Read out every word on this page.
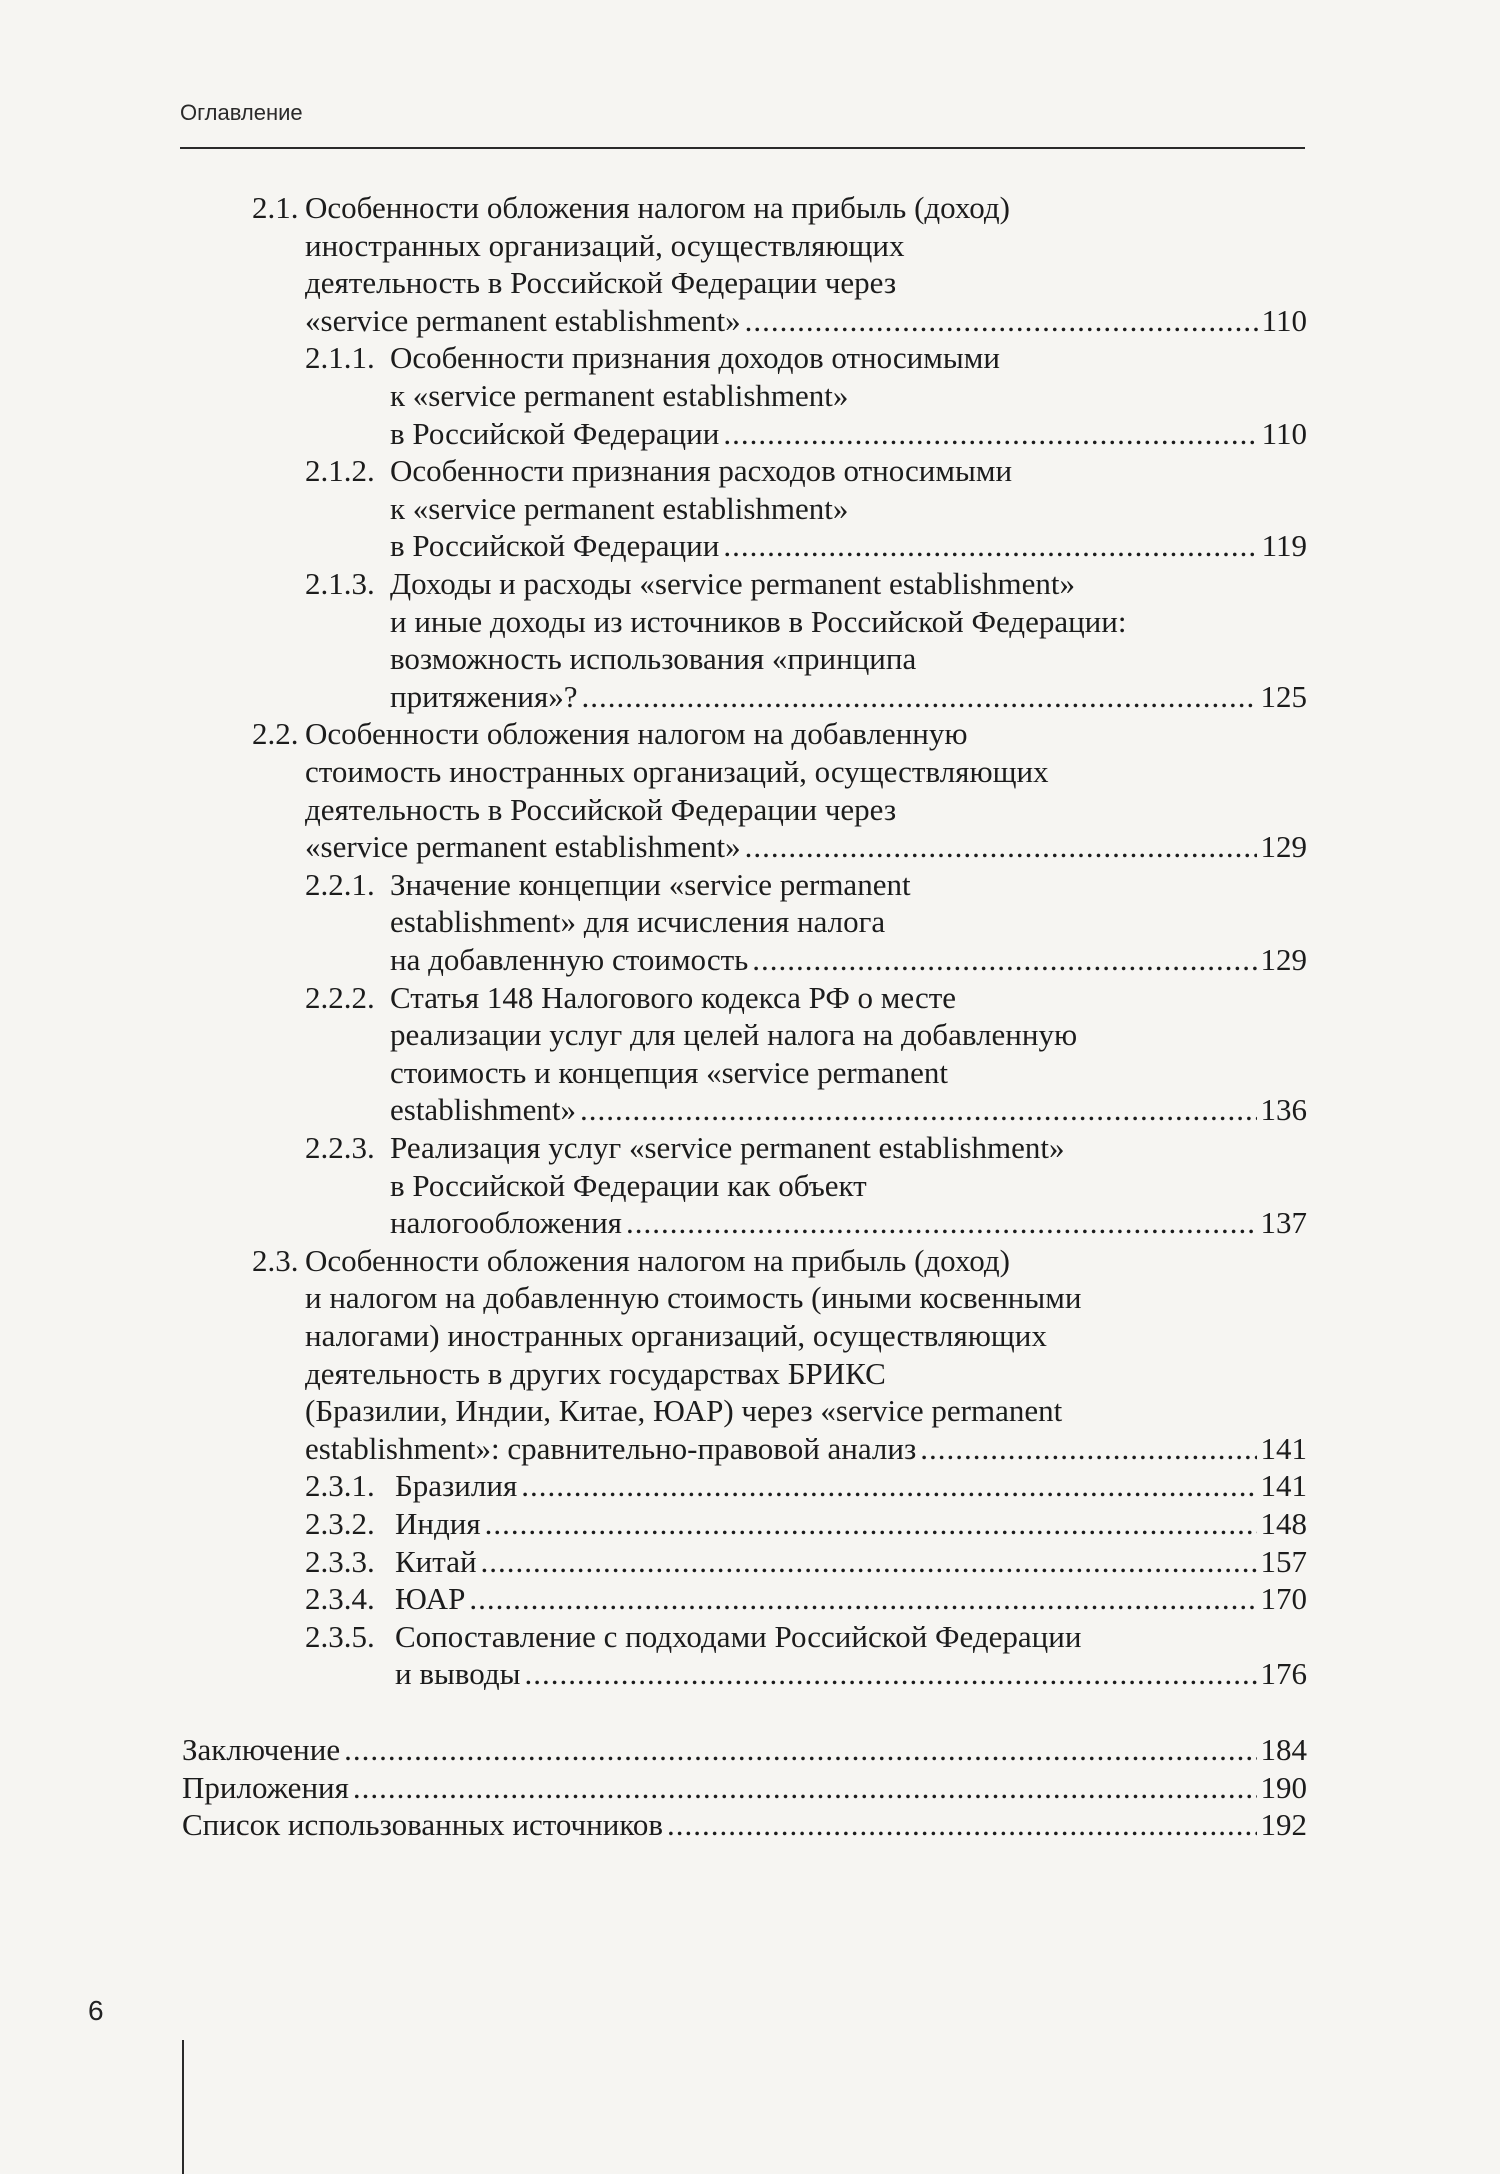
Оглавление
2.1. Особенности обложения налогом на прибыль (доход)
иностранных организаций, осуществляющих
деятельность в Российской Федерации через
«service permanent establishment» .....	110
2.1.1. Особенности признания доходов относимыми
к «service permanent establishment»
в Российской Федерации .....	110
2.1.2. Особенности признания расходов относимыми
к «service permanent establishment»
в Российской Федерации .....	119
2.1.3. Доходы и расходы «service permanent establishment»
и иные доходы из источников в Российской Федерации:
возможность использования «принципа
притяжения»? .....	125
2.2. Особенности обложения налогом на добавленную
стоимость иностранных организаций, осуществляющих
деятельность в Российской Федерации через
«service permanent establishment» .....	129
2.2.1. Значение концепции «service permanent
establishment» для исчисления налога
на добавленную стоимость .....	129
2.2.2. Статья 148 Налогового кодекса РФ о месте
реализации услуг для целей налога на добавленную
стоимость и концепция «service permanent
establishment» .....	136
2.2.3. Реализация услуг «service permanent establishment»
в Российской Федерации как объект
налогообложения .....	137
2.3. Особенности обложения налогом на прибыль (доход)
и налогом на добавленную стоимость (иными косвенными
налогами) иностранных организаций, осуществляющих
деятельность в других государствах БРИКС
(Бразилии, Индии, Китае, ЮАР) через «service permanent
establishment»: сравнительно-правовой анализ .....	141
2.3.1. Бразилия .....	141
2.3.2. Индия .....	148
2.3.3. Китай .....	157
2.3.4. ЮАР .....	170
2.3.5. Сопоставление с подходами Российской Федерации
и выводы .....	176
Заключение .....	184
Приложения .....	190
Список использованных источников .....	192
6
